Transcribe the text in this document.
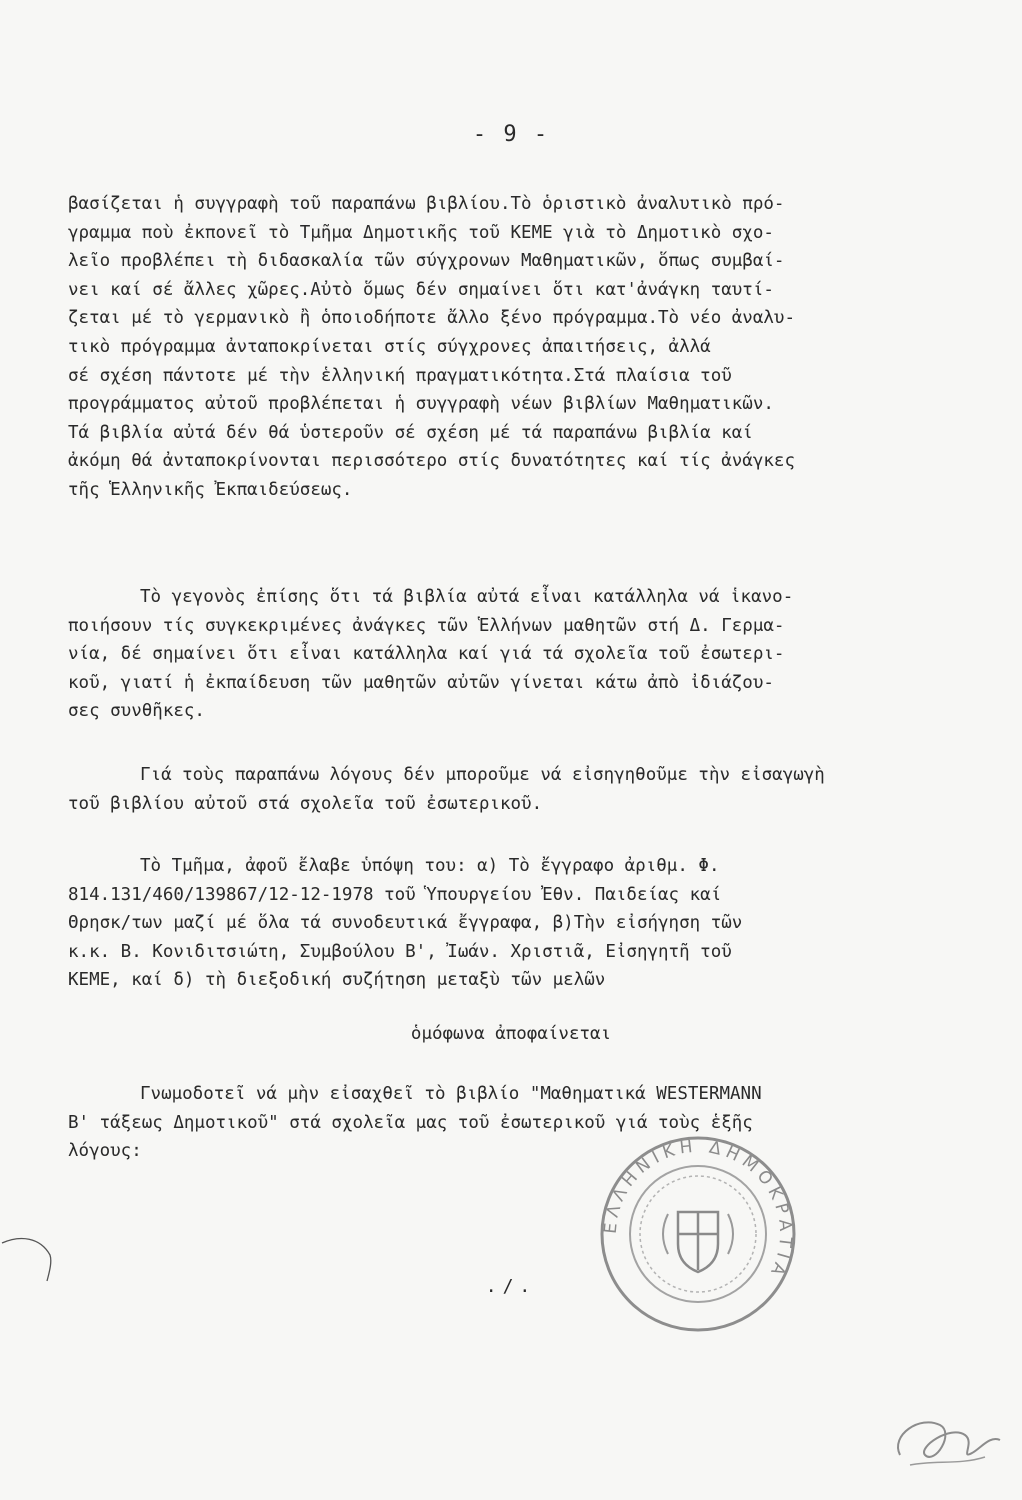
- 9 -
βασίζεται ἡ συγγραφὴ τοῦ παραπάνω βιβλίου.Τὸ ὁριστικὸ ἀναλυτικὸ πρό-
γραμμα ποὺ ἐκπονεῖ τὸ Τμῆμα Δημοτικῆς τοῦ ΚΕΜΕ γιὰ τὸ Δημοτικὸ σχο-
λεῖο προβλέπει τὴ διδασκαλία τῶν σύγχρονων Μαθηματικῶν, ὅπως συμβαί-
νει καί σέ ἄλλες χῶρες.Αὐτὸ ὅμως δέν σημαίνει ὅτι κατ'ἀνάγκη ταυτί-
ζεται μέ τὸ γερμανικὸ ἢ ὁποιοδήποτε ἄλλο ξένο πρόγραμμα.Τὸ νέο ἀναλυ-
τικὸ πρόγραμμα ἀνταποκρίνεται στίς σύγχρονες ἀπαιτήσεις, ἀλλά
σέ σχέση πάντοτε μέ τὴν ἑλληνική πραγματικότητα.Στά πλαίσια τοῦ
προγράμματος αὐτοῦ προβλέπεται ἡ συγγραφὴ νέων βιβλίων Μαθηματικῶν.
Τά βιβλία αὐτά δέν θά ὑστεροῦν σέ σχέση μέ τά παραπάνω βιβλία καί
ἀκόμη θά ἀνταποκρίνονται περισσότερο στίς δυνατότητες καί τίς ἀνάγκες
τῆς Ἑλληνικῆς Ἐκπαιδεύσεως.
Τὸ γεγονὸς ἐπίσης ὅτι τά βιβλία αὐτά εἶναι κατάλληλα νά ἱκανο-
ποιήσουν τίς συγκεκριμένες ἀνάγκες τῶν Ἑλλήνων μαθητῶν στή Δ. Γερμα-
νία, δέ σημαίνει ὅτι εἶναι κατάλληλα καί γιά τά σχολεῖα τοῦ ἐσωτερι-
κοῦ, γιατί ἡ ἐκπαίδευση τῶν μαθητῶν αὐτῶν γίνεται κάτω ἀπὸ ἰδιάζου-
σες συνθῆκες.
Γιά τοὺς παραπάνω λόγους δέν μποροῦμε νά εἰσηγηθοῦμε τὴν εἰσαγωγὴ
τοῦ βιβλίου αὐτοῦ στά σχολεῖα τοῦ ἐσωτερικοῦ.
Τὸ Τμῆμα, ἀφοῦ ἔλαβε ὑπόψη του: α) Τὸ ἔγγραφο ἀριθμ. Φ.
814.131/460/139867/12-12-1978 τοῦ Ὑπουργείου Ἐθν. Παιδείας καί
Θρησκ/των μαζί μέ ὅλα τά συνοδευτικά ἔγγραφα, β)Τὴν εἰσήγηση τῶν
κ.κ. Β. Κονιδιτσιώτη, Συμβούλου Β', Ἰωάν. Χριστιᾶ, Εἰσηγητῆ τοῦ
ΚΕΜΕ, καί δ) τὴ διεξοδική συζήτηση μεταξὺ τῶν μελῶν
ὁμόφωνα ἀποφαίνεται
Γνωμοδοτεῖ νά μὴν εἰσαχθεῖ τὸ βιβλίο "Μαθηματικά WESTERMANN
Β' τάξεως Δημοτικοῦ" στά σχολεῖα μας τοῦ ἐσωτερικοῦ γιά τοὺς ἑξῆς
λόγους:
./.
ΕΛΛΗΝΙΚΗ ΔΗΜΟΚΡΑΤΙΑ
